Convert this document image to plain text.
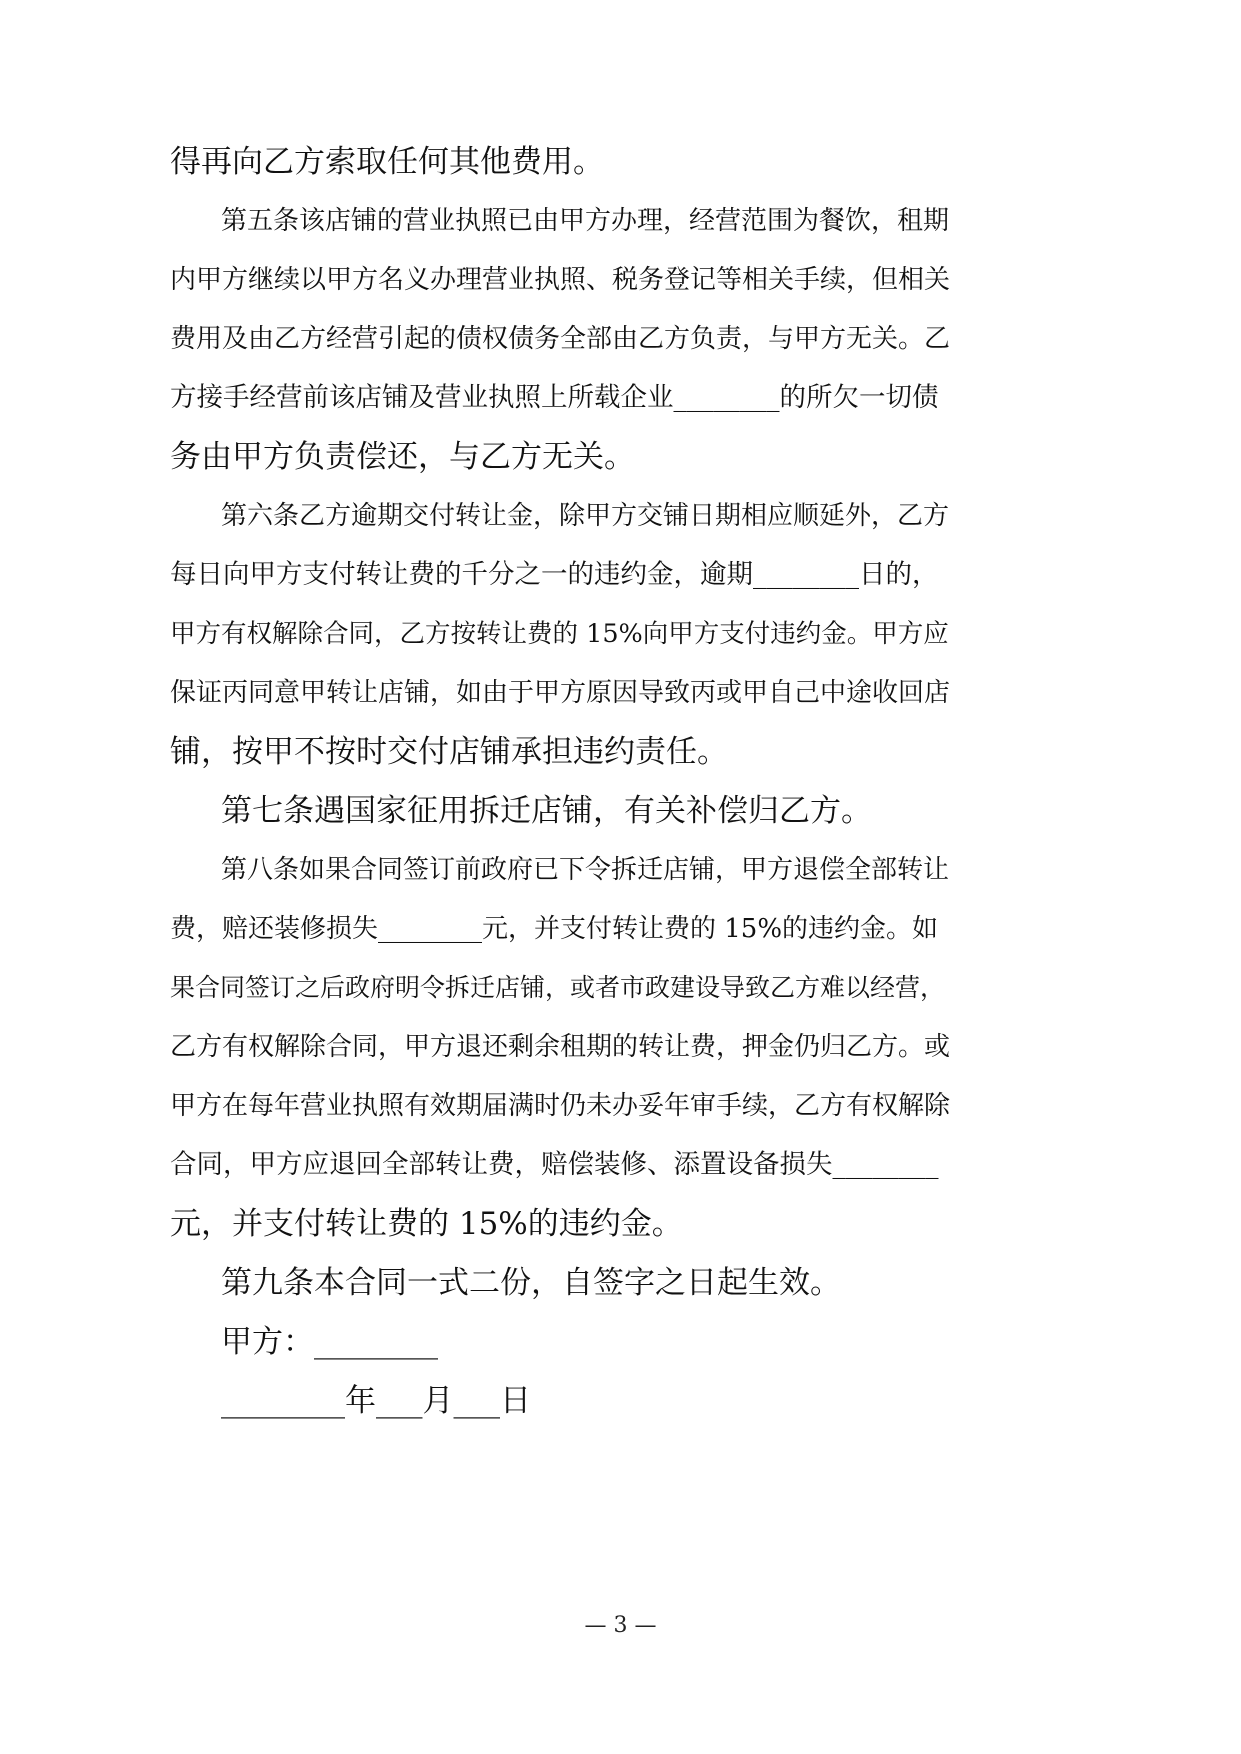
得再向乙方索取任何其他费用。
第五条该店铺的营业执照已由甲方办理，经营范围为餐饮，租期
内甲方继续以甲方名义办理营业执照、税务登记等相关手续，但相关
费用及由乙方经营引起的债权债务全部由乙方负责，与甲方无关。乙
方接手经营前该店铺及营业执照上所载企业________的所欠一切债
务由甲方负责偿还，与乙方无关。
第六条乙方逾期交付转让金，除甲方交铺日期相应顺延外，乙方
每日向甲方支付转让费的千分之一的违约金，逾期________日的，
甲方有权解除合同，乙方按转让费的 15%向甲方支付违约金。甲方应
保证丙同意甲转让店铺，如由于甲方原因导致丙或甲自己中途收回店
铺，按甲不按时交付店铺承担违约责任。
第七条遇国家征用拆迁店铺，有关补偿归乙方。
第八条如果合同签订前政府已下令拆迁店铺，甲方退偿全部转让
费，赔还装修损失________元，并支付转让费的 15%的违约金。如
果合同签订之后政府明令拆迁店铺，或者市政建设导致乙方难以经营，
乙方有权解除合同，甲方退还剩余租期的转让费，押金仍归乙方。或
甲方在每年营业执照有效期届满时仍未办妥年审手续，乙方有权解除
合同，甲方应退回全部转让费，赔偿装修、添置设备损失________
元，并支付转让费的 15%的违约金。
第九条本合同一式二份，自签字之日起生效。
甲方：________
________年___月___日
— 3 —
